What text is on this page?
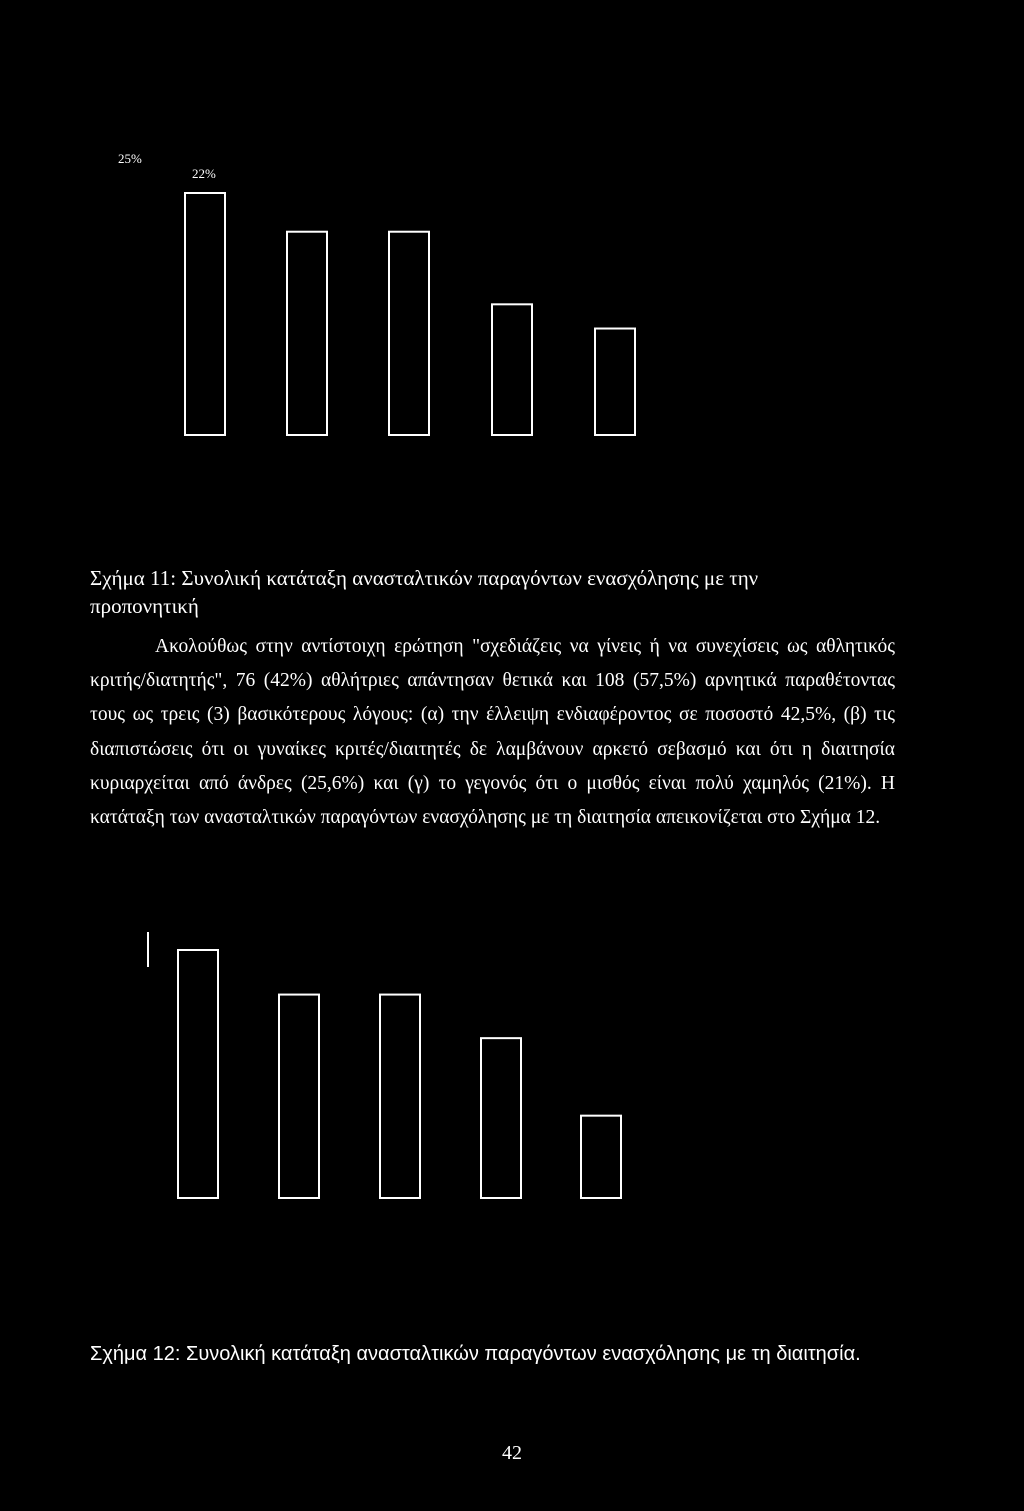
25%
22%

Σχήμα 11: Συνολική κατάταξη ανασταλτικών παραγόντων ενασχόλησης με την προπονητική

Ακολούθως στην αντίστοιχη ερώτηση "σχεδιάζεις να γίνεις ή να συνεχίσεις ως αθλητικός κριτής/διατητής", 76 (42%) αθλήτριες απάντησαν θετικά και 108 (57,5%) αρνητικά παραθέτοντας τους ως τρεις (3) βασικότερους λόγους: (α) την έλλειψη ενδιαφέροντος σε ποσοστό 42,5%, (β) τις διαπιστώσεις ότι οι γυναίκες κριτές/διαιτητές δε λαμβάνουν αρκετό σεβασμό και ότι η διαιτησία κυριαρχείται από άνδρες (25,6%) και (γ) το γεγονός ότι ο μισθός είναι πολύ χαμηλός (21%). Η κατάταξη των ανασταλτικών παραγόντων ενασχόλησης με τη διαιτησία απεικονίζεται στο Σχήμα 12.

Σχήμα 12: Συνολική κατάταξη ανασταλτικών παραγόντων ενασχόλησης με τη διαιτησία.

42
